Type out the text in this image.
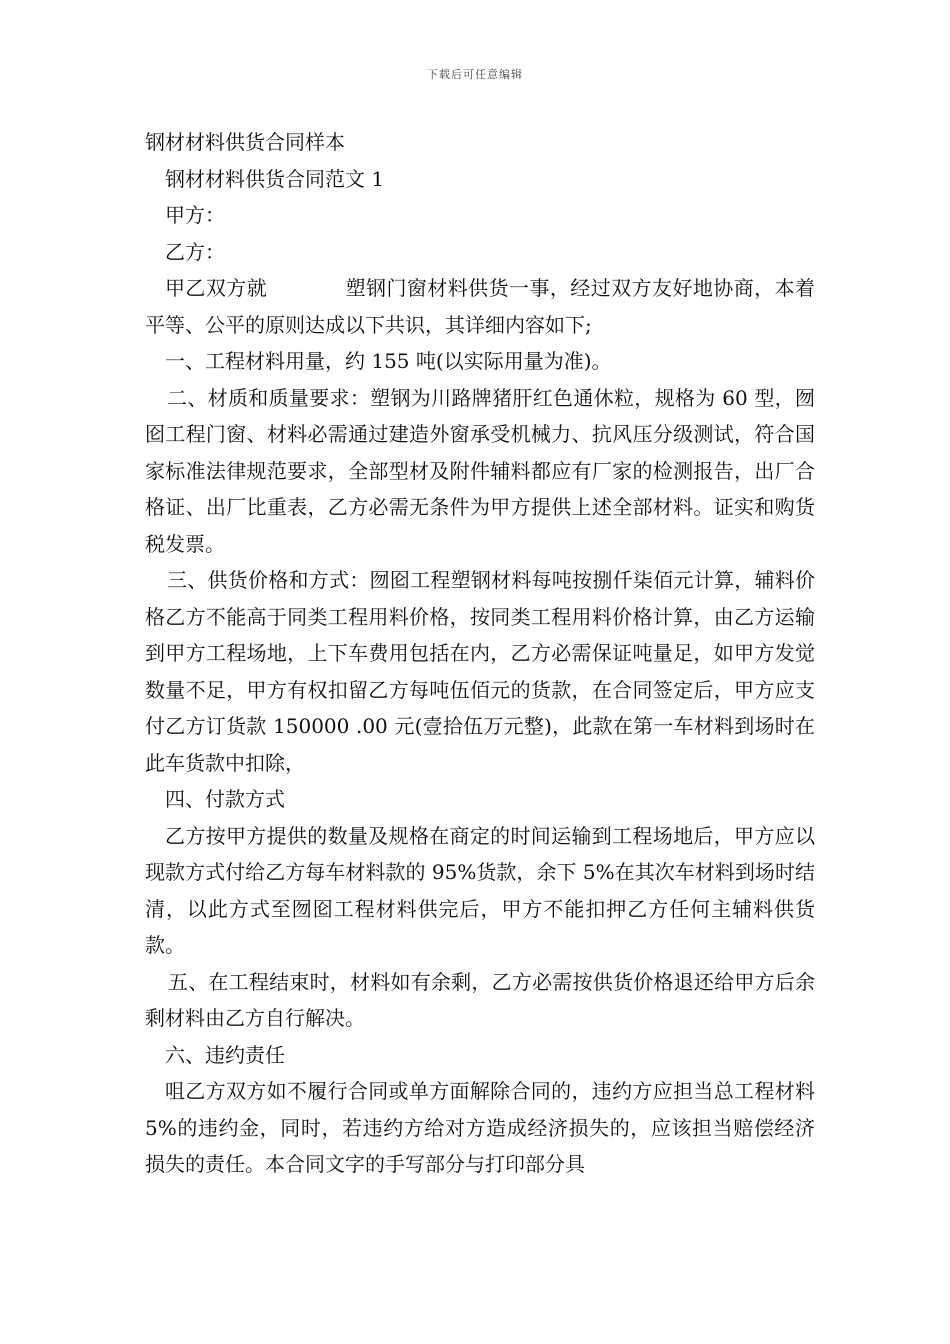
下载后可任意编辑
钢材材料供货合同样本

钢材材料供货合同范文 1

甲方：

乙方：

甲乙双方就	塑钢门窗材料供货一事，经过双方友好地协商，本着平等、公平的原则达成以下共识，其详细内容如下;

一、工程材料用量，约 155 吨(以实际用量为准)。

二、材质和质量要求：塑钢为川路牌猪肝红色通休粒，规格为 60 型，囫囵工程门窗、材料必需通过建造外窗承受机械力、抗风压分级测试，符合国家标准法律规范要求，全部型材及附件辅料都应有厂家的检测报告，出厂合格证、出厂比重表，乙方必需无条件为甲方提供上述全部材料。证实和购货税发票。

三、供货价格和方式：囫囵工程塑钢材料每吨按捌仟柒佰元计算，辅料价格乙方不能高于同类工程用料价格，按同类工程用料价格计算，由乙方运输到甲方工程场地，上下车费用包括在内，乙方必需保证吨量足，如甲方发觉数量不足，甲方有权扣留乙方每吨伍佰元的货款，在合同签定后，甲方应支付乙方订货款 150000 .00 元(壹拾伍万元整)，此款在第一车材料到场时在此车货款中扣除，

四、付款方式

乙方按甲方提供的数量及规格在商定的时间运输到工程场地后，甲方应以现款方式付给乙方每车材料款的 95%货款，余下 5%在其次车材料到场时结清，以此方式至囫囵工程材料供完后，甲方不能扣押乙方任何主辅料供货款。

五、在工程结束时，材料如有余剩，乙方必需按供货价格退还给甲方后余剩材料由乙方自行解决。

六、违约责任

咀乙方双方如不履行合同或单方面解除合同的，违约方应担当总工程材料 5%的违约金，同时，若违约方给对方造成经济损失的，应该担当赔偿经济损失的责任。本合同文字的手写部分与打印部分具
